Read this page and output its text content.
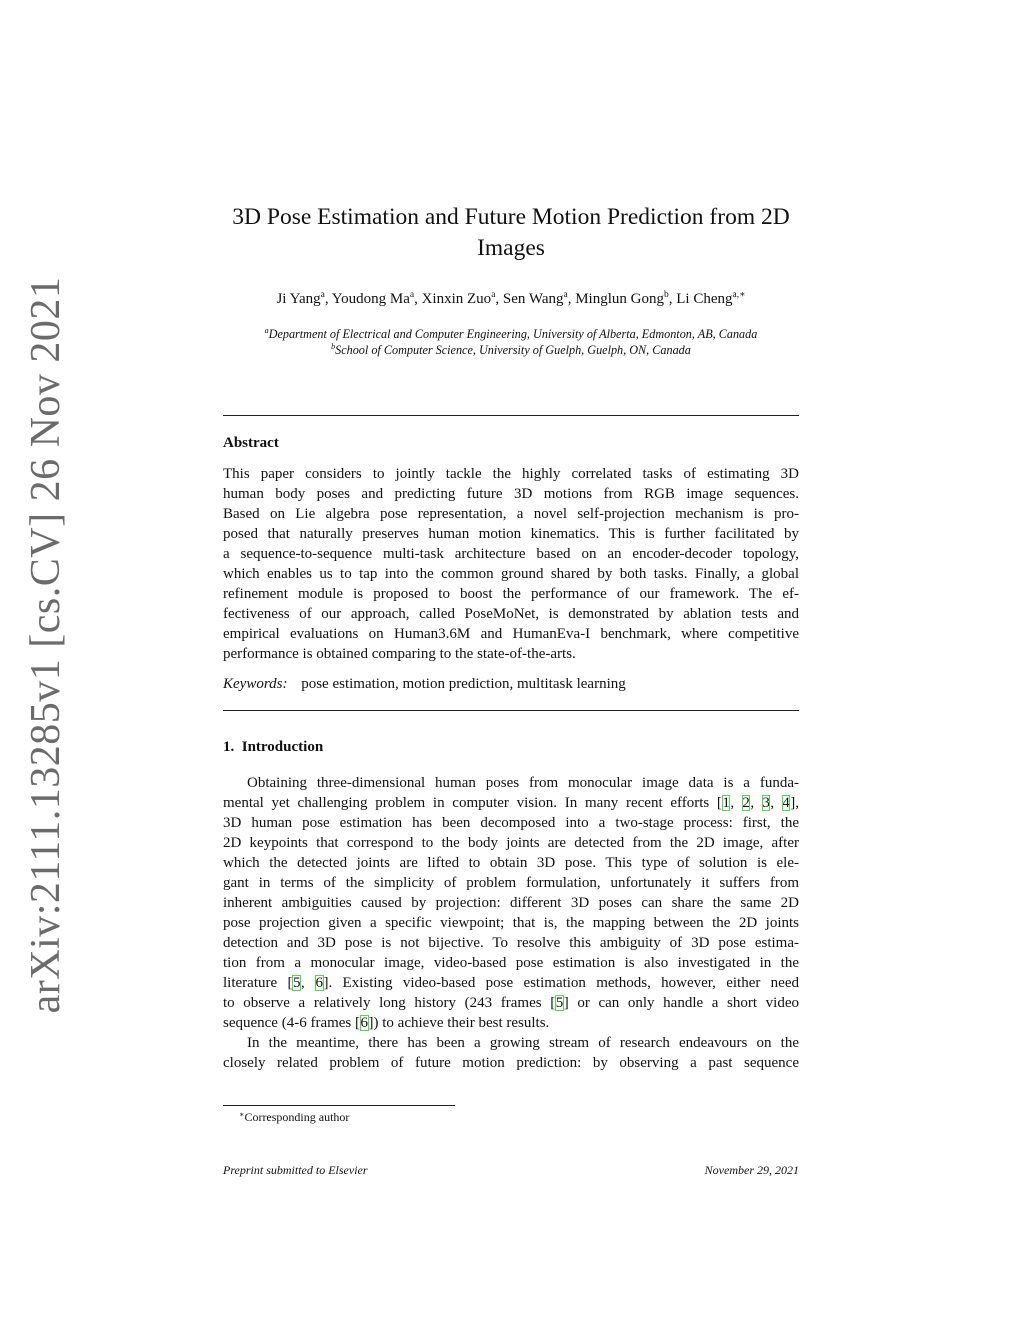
arXiv:2111.13285v1 [cs.CV] 26 Nov 2021
3D Pose Estimation and Future Motion Prediction from 2D
Images
Ji Yang$^a$, Youdong Ma$^a$, Xinxin Zuo$^a$, Sen Wang$^a$, Minglun Gong$^b$, Li Cheng$^{a,∗}$
$^a$Department of Electrical and Computer Engineering, University of Alberta, Edmonton, AB, Canada
$^b$School of Computer Science, University of Guelph, Guelph, ON, Canada
Abstract
This paper considers to jointly tackle the highly correlated tasks of estimating 3D
human body poses and predicting future 3D motions from RGB image sequences.
Based on Lie algebra pose representation, a novel self-projection mechanism is pro-
posed that naturally preserves human motion kinematics. This is further facilitated by
a sequence-to-sequence multi-task architecture based on an encoder-decoder topology,
which enables us to tap into the common ground shared by both tasks. Finally, a global
refinement module is proposed to boost the performance of our framework. The ef-
fectiveness of our approach, called PoseMoNet, is demonstrated by ablation tests and
empirical evaluations on Human3.6M and HumanEva-I benchmark, where competitive
performance is obtained comparing to the state-of-the-arts.
Keywords: pose estimation, motion prediction, multitask learning
1. Introduction
Obtaining three-dimensional human poses from monocular image data is a funda-
mental yet challenging problem in computer vision. In many recent efforts [1, 2, 3, 4],
3D human pose estimation has been decomposed into a two-stage process: first, the
2D keypoints that correspond to the body joints are detected from the 2D image, after
which the detected joints are lifted to obtain 3D pose. This type of solution is ele-
gant in terms of the simplicity of problem formulation, unfortunately it suffers from
inherent ambiguities caused by projection: different 3D poses can share the same 2D
pose projection given a specific viewpoint; that is, the mapping between the 2D joints
detection and 3D pose is not bijective. To resolve this ambiguity of 3D pose estima-
tion from a monocular image, video-based pose estimation is also investigated in the
literature [5, 6]. Existing video-based pose estimation methods, however, either need
to observe a relatively long history (243 frames [5] or can only handle a short video
sequence (4-6 frames [6]) to achieve their best results.
In the meantime, there has been a growing stream of research endeavours on the
closely related problem of future motion prediction: by observing a past sequence
∗Corresponding author
Preprint submitted to Elsevier	November 29, 2021
